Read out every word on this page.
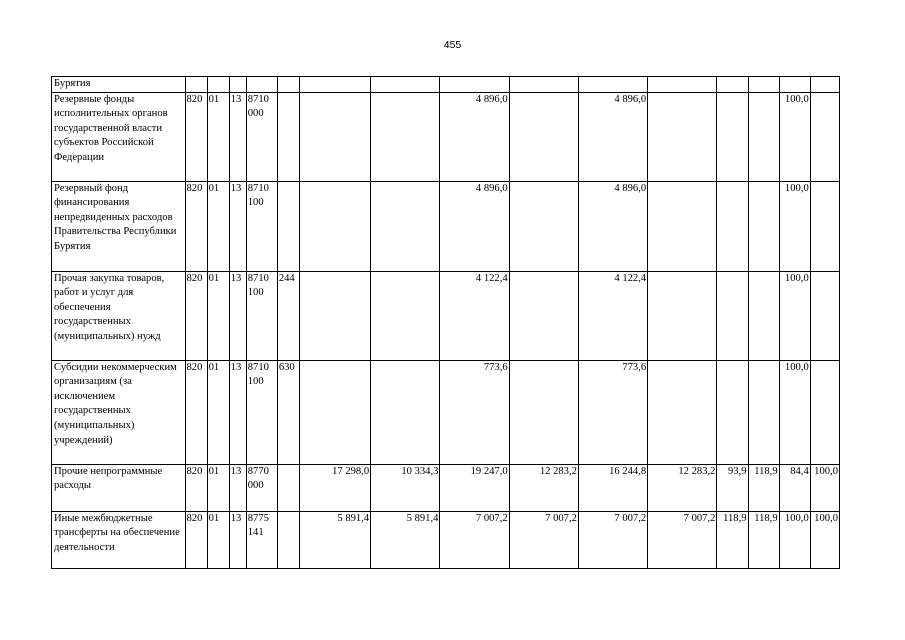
455
Бурятия															
Резервные фонды исполнительных органов государственной власти субъектов Российской Федерации	820	01	13	8710 000				4 896,0		4 896,0				100,0	
Резервный фонд финансирования непредвиденных расходов Правительства Республики Бурятия	820	01	13	8710 100				4 896,0		4 896,0				100,0	
Прочая закупка товаров, работ и услуг для обеспечения государственных (муниципальных) нужд	820	01	13	8710 100	244			4 122,4		4 122,4				100,0	
Субсидии некоммерческим организациям (за исключением государственных (муниципальных) учреждений)	820	01	13	8710 100	630			773,6		773,6				100,0	
Прочие непрограммные расходы	820	01	13	8770 000		17 298,0	10 334,3	19 247,0	12 283,2	16 244,8	12 283,2	93,9	118,9	84,4	100,0
Иные межбюджетные трансферты на обеспечение деятельности	820	01	13	8775 141		5 891,4	5 891,4	7 007,2	7 007,2	7 007,2	7 007,2	118,9	118,9	100,0	100,0
